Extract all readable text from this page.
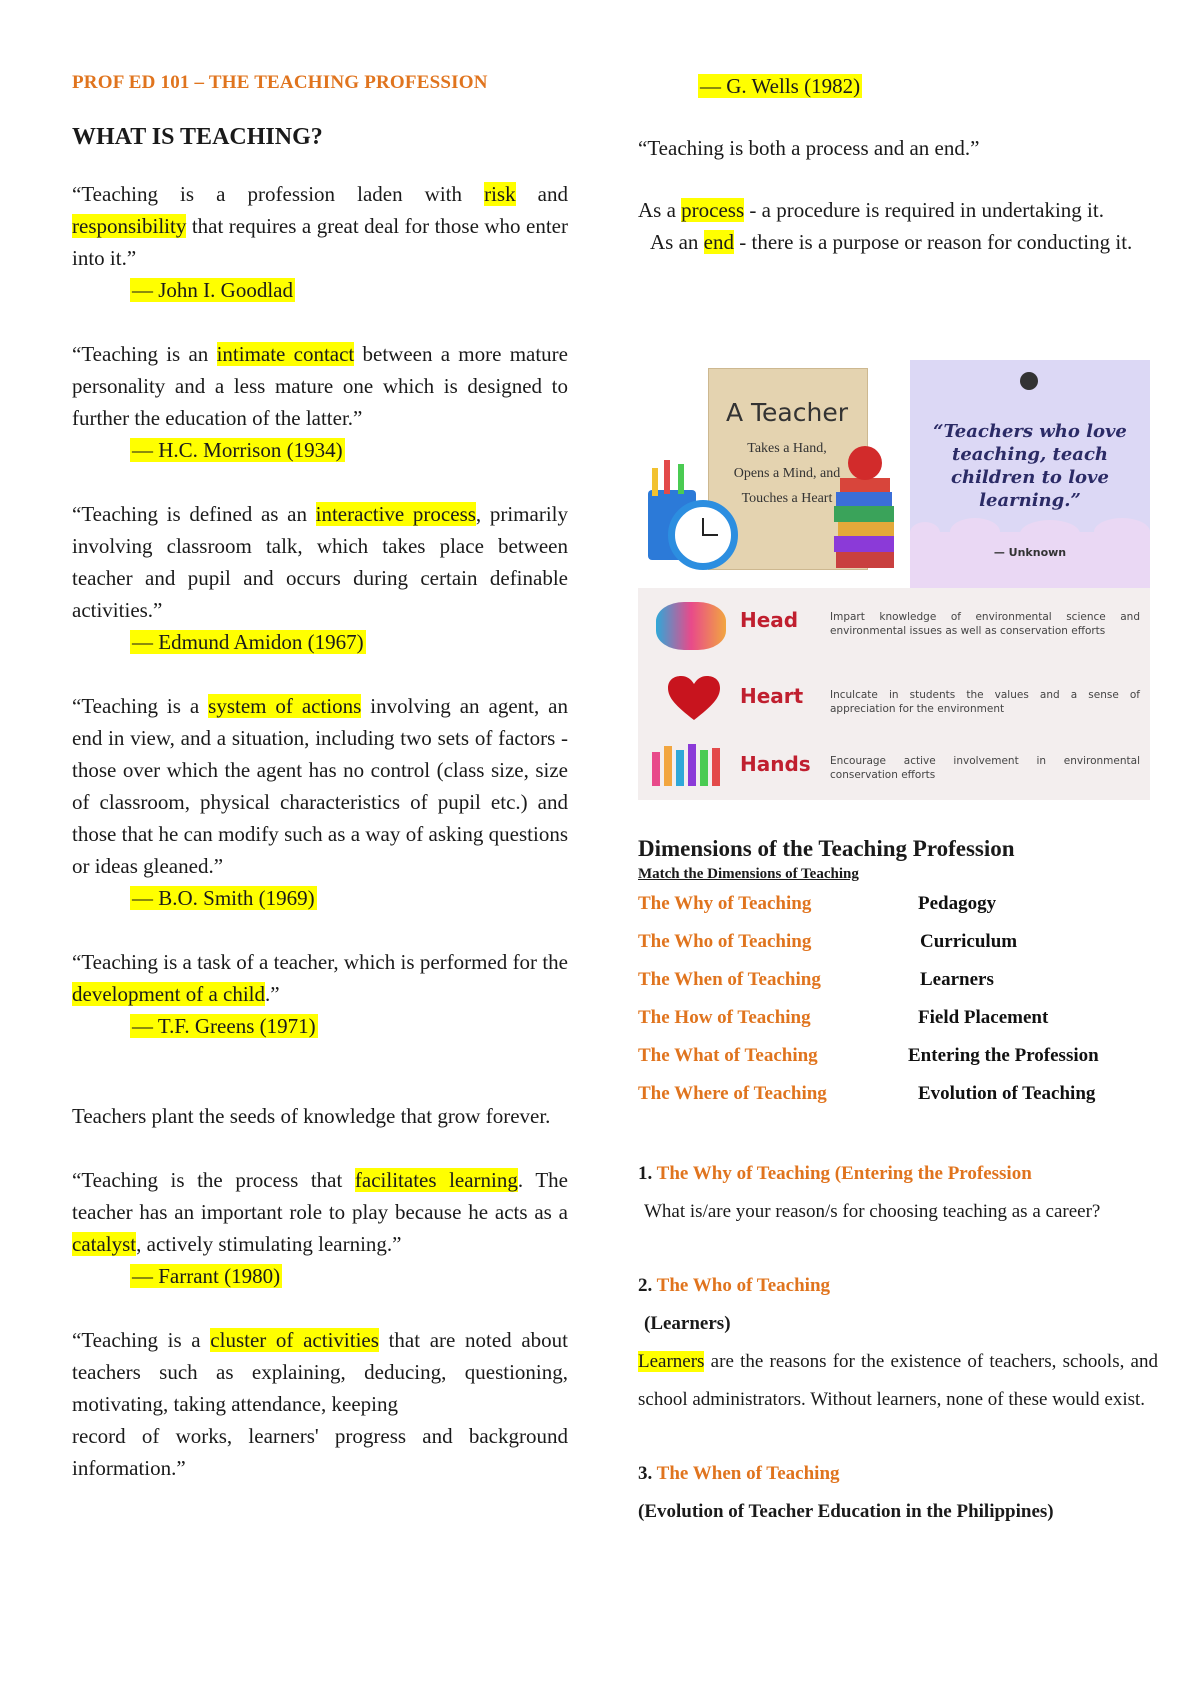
PROF ED 101 – THE TEACHING PROFESSION
WHAT IS TEACHING?

“Teaching is a profession laden with risk and responsibility that requires a great deal for those who enter into it.”

— John I. Goodlad

“Teaching is an intimate contact between a more mature personality and a less mature one which is designed to further the education of the latter.”

— H.C. Morrison (1934)

“Teaching is defined as an interactive process, primarily involving classroom talk, which takes place between teacher and pupil and occurs during certain definable activities.”

— Edmund Amidon (1967)

“Teaching is a system of actions involving an agent, an end in view, and a situation, including two sets of factors - those over which the agent has no control (class size, size of classroom, physical characteristics of pupil etc.) and those that he can modify such as a way of asking questions or ideas gleaned.”

— B.O. Smith (1969)

“Teaching is a task of a teacher, which is performed for the development of a child.”

— T.F. Greens (1971)

Teachers plant the seeds of knowledge that grow forever.

“Teaching is the process that facilitates learning. The teacher has an important role to play because he acts as a catalyst, actively stimulating learning.”

— Farrant (1980)

“Teaching is a cluster of activities that are noted about teachers such as explaining, deducing, questioning, motivating, taking attendance, keeping

record of works, learners' progress and background information.”

— G. Wells (1982)

“Teaching is both a process and an end.”

As a process - a procedure is required in undertaking it.

As an end - there is a purpose or reason for conducting it.

A Teacher
Takes a Hand,
Opens a Mind, and
Touches a Heart
“Teachers who love teaching, teach children to love learning.”
— Unknown
Head	Impart knowledge of environmental science and environmental issues as well as conservation efforts
Heart	Inculcate in students the values and a sense of appreciation for the environment
Hands Encourage active involvement in environmental conservation efforts
Dimensions of the Teaching Profession
Match the Dimensions of Teaching
The Why of Teaching	Pedagogy
The Who of Teaching	Curriculum
The When of Teaching	Learners
The How of Teaching	Field Placement
The What of Teaching	Entering the Profession
The Where of Teaching	Evolution of Teaching

1. The Why of Teaching (Entering the Profession

What is/are your reason/s for choosing teaching as a career?

2. The Who of Teaching

(Learners)

Learners are the reasons for the existence of teachers, schools, and school administrators. Without learners, none of these would exist.

3. The When of Teaching

(Evolution of Teacher Education in the Philippines)
